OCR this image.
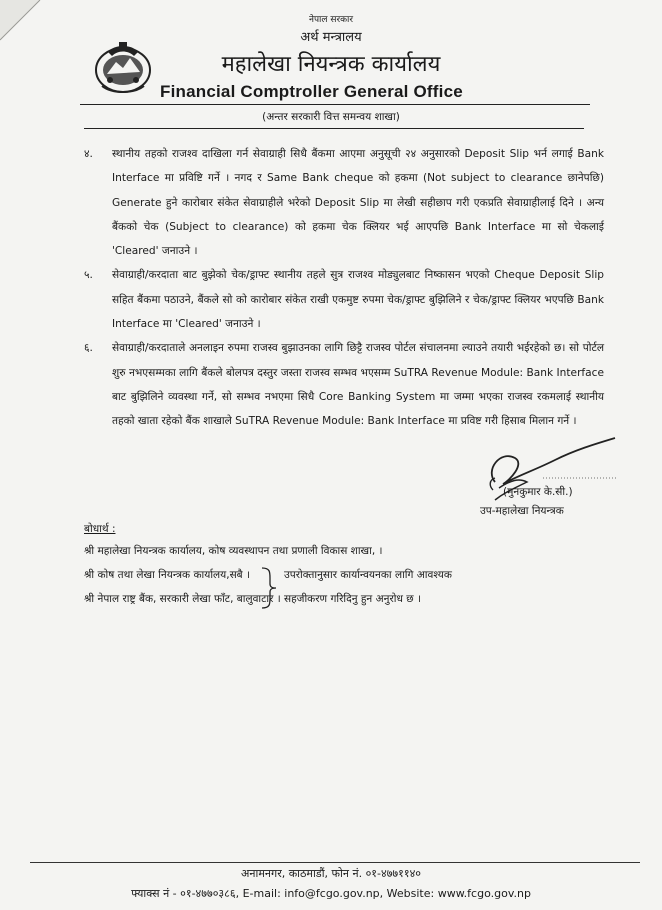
नेपाल सरकार
अर्थ मन्त्रालय
महालेखा नियन्त्रक कार्यालय
Financial Comptroller General Office
(अन्तर सरकारी वित्त समन्वय शाखा)
४. स्थानीय तहको राजश्व दाखिला गर्न सेवाग्राही सिधै बैंकमा आएमा अनुसूची २४ अनुसारको Deposit Slip भर्न लगाई Bank Interface मा प्रविष्टि गर्ने । नगद र Same Bank cheque को हकमा (Not subject to clearance छानेपछि) Generate हुने कारोबार संकेत सेवाग्राहीले भरेको Deposit Slip मा लेखी सहीछाप गरी एकप्रति सेवाग्राहीलाई दिने । अन्य बैंकको चेक (Subject to clearance) को हकमा चेक क्लियर भई आएपछि Bank Interface मा सो चेकलाई 'Cleared' जनाउने ।
५. सेवाग्राही/करदाता बाट बुझेको चेक/ड्राफ्ट स्थानीय तहले सुत्र राजश्व मोड्युलबाट निष्कासन भएको Cheque Deposit Slip सहित बैंकमा पठाउने, बैंकले सो को कारोबार संकेत राखी एकमुष्ट रुपमा चेक/ड्राफ्ट बुझिलिने र चेक/ड्राफ्ट क्लियर भएपछि Bank Interface मा 'Cleared' जनाउने ।
६. सेवाग्राही/करदाताले अनलाइन रुपमा राजस्व बुझाउनका लागि छिट्टै राजस्व पोर्टल संचालनमा ल्याउने तयारी भईरहेको छ। सो पोर्टल शुरु नभएसम्मका लागि बैंकले बोलपत्र दस्तुर जस्ता राजस्व सम्भव भएसम्म SuTRA Revenue Module: Bank Interface बाट बुझिलिने व्यवस्था गर्ने, सो सम्भव नभएमा सिधै Core Banking System मा जम्मा भएका राजस्व रकमलाई स्थानीय तहको खाता रहेको बैंक शाखाले SuTRA Revenue Module: Bank Interface मा प्रविष्ट गरी हिसाब मिलान गर्ने ।
(मुनकुमार के.सी.)
उप-महालेखा नियन्त्रक
बोधार्थ :
श्री महालेखा नियन्त्रक कार्यालय, कोष व्यवस्थापन तथा प्रणाली विकास शाखा, ।
श्री कोष तथा लेखा नियन्त्रक कार्यालय,सबै ।
श्री नेपाल राष्ट्र बैंक, सरकारी लेखा फाँट, बालुवाटार ।
उपरोक्तानुसार कार्यान्वयनका लागि आवश्यक
सहजीकरण गरिदिनु हुन अनुरोध छ ।
अनामनगर, काठमाडौं, फोन नं. ०१-४७७११४०
फ्याक्स नं - ०१-४७७०३८६, E-mail: info@fcgo.gov.np, Website: www.fcgo.gov.np
